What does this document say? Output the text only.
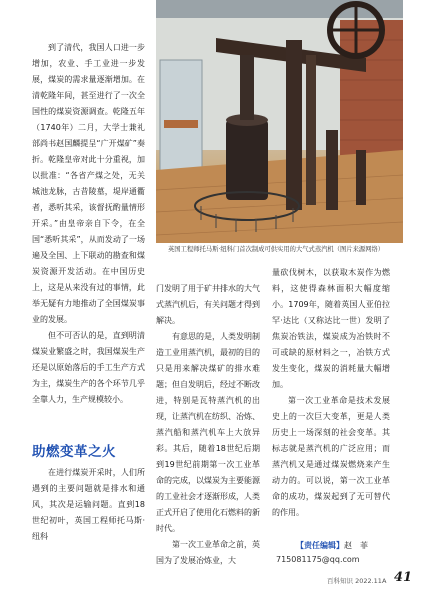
到了清代，我国人口进一步增加，农业、手工业进一步发展，煤炭的需求量逐渐增加。在清乾隆年间，甚至进行了一次全国性的煤炭资源调查。乾隆五年（1740年）二月，大学士兼礼部尚书赵国麟提呈“广开煤矿”奏折。乾隆皇帝对此十分重视，加以批准：“各省产煤之处，无关城池龙脉，古昔陵墓，堤岸通衢者，悉听其采，该督抚酌量情形开采。”由皇帝亲自下令，在全国“悉听其采”，从而发动了一场遍及全国、上下联动的勘查和煤炭资源开发活动。在中国历史上，这是从来没有过的事情，此举无疑有力地推动了全国煤炭事业的发展。

但不可否认的是，直到明清煤炭业繁盛之时，我国煤炭生产还是以原始落后的手工生产方式为主，煤炭生产的各个环节几乎全靠人力，生产规模较小。

助燃变革之火

在进行煤炭开采时，人们所遇到的主要问题就是排水和通风，其次是运输问题。直到18世纪初叶，英国工程师托马斯·纽科

英国工程师托马斯·纽科门首次制成可供实用的大气式蒸汽机（图片来源网络）

门发明了用于矿井排水的大气式蒸汽机后，有关问题才得到解决。

有意思的是，人类发明制造工业用蒸汽机，最初的目的只是用来解决煤矿的排水难题；但自发明后，经过不断改进，特别是瓦特蒸汽机的出现，让蒸汽机在纺织、冶炼、蒸汽船和蒸汽机车上大放异彩。其后，随着18世纪后期到19世纪前期第一次工业革命的完成，以煤炭为主要能源的工业社会才逐渐形成，人类正式开启了使用化石燃料的新时代。

第一次工业革命之前，英国为了发展冶炼业，大

量砍伐树木，以获取木炭作为燃料，这使得森林面积大幅度缩小。1709年，随着英国人亚伯拉罕·达比（又称达比一世）发明了焦炭冶铁法，煤炭成为冶铁时不可或缺的原材料之一，冶铁方式发生变化，煤炭的消耗量大幅增加。

第一次工业革命是技术发展史上的一次巨大变革，更是人类历史上一场深刻的社会变革。其标志就是蒸汽机的广泛应用；而蒸汽机又是通过煤炭燃烧来产生动力的。可以说，第一次工业革命的成功，煤炭起到了无可替代的作用。

【责任编辑】赵　菲
715081175@qq.com
百科知识 2022.11A 41
